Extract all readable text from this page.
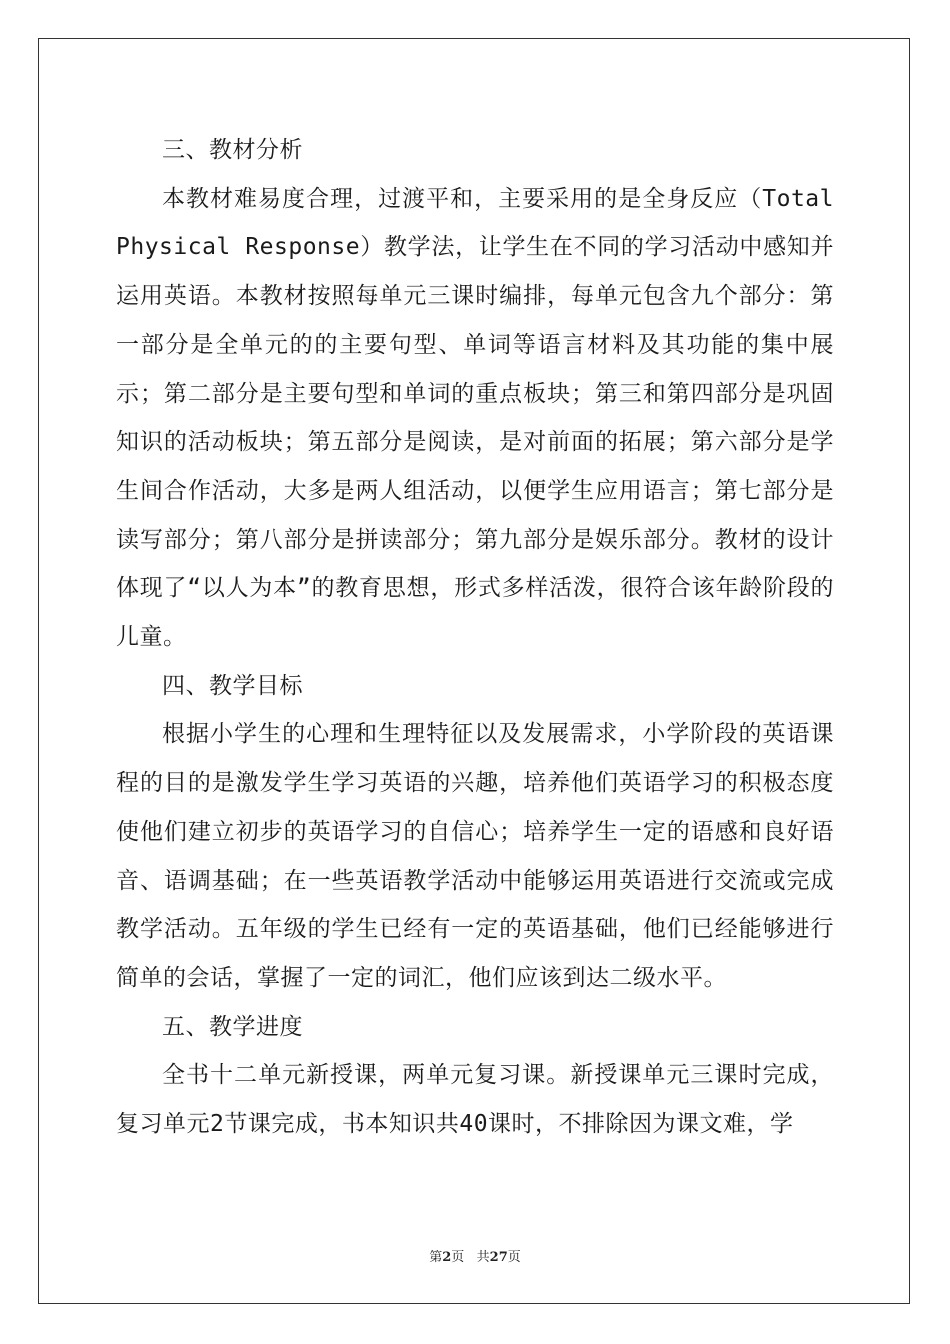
三、教材分析

本教材难易度合理，过渡平和，主要采用的是全身反应（Total Physical Response）教学法，让学生在不同的学习活动中感知并运用英语。本教材按照每单元三课时编排，每单元包含九个部分：第一部分是全单元的的主要句型、单词等语言材料及其功能的集中展示；第二部分是主要句型和单词的重点板块；第三和第四部分是巩固知识的活动板块；第五部分是阅读，是对前面的拓展；第六部分是学生间合作活动，大多是两人组活动，以便学生应用语言；第七部分是读写部分；第八部分是拼读部分；第九部分是娱乐部分。教材的设计体现了“以人为本”的教育思想，形式多样活泼，很符合该年龄阶段的儿童。

四、教学目标

根据小学生的心理和生理特征以及发展需求，小学阶段的英语课程的目的是激发学生学习英语的兴趣，培养他们英语学习的积极态度使他们建立初步的英语学习的自信心；培养学生一定的语感和良好语音、语调基础；在一些英语教学活动中能够运用英语进行交流或完成教学活动。五年级的学生已经有一定的英语基础，他们已经能够进行简单的会话，掌握了一定的词汇，他们应该到达二级水平。

五、教学进度

全书十二单元新授课，两单元复习课。新授课单元三课时完成，复习单元2节课完成，书本知识共40课时，不排除因为课文难，学

第2页   共27页
